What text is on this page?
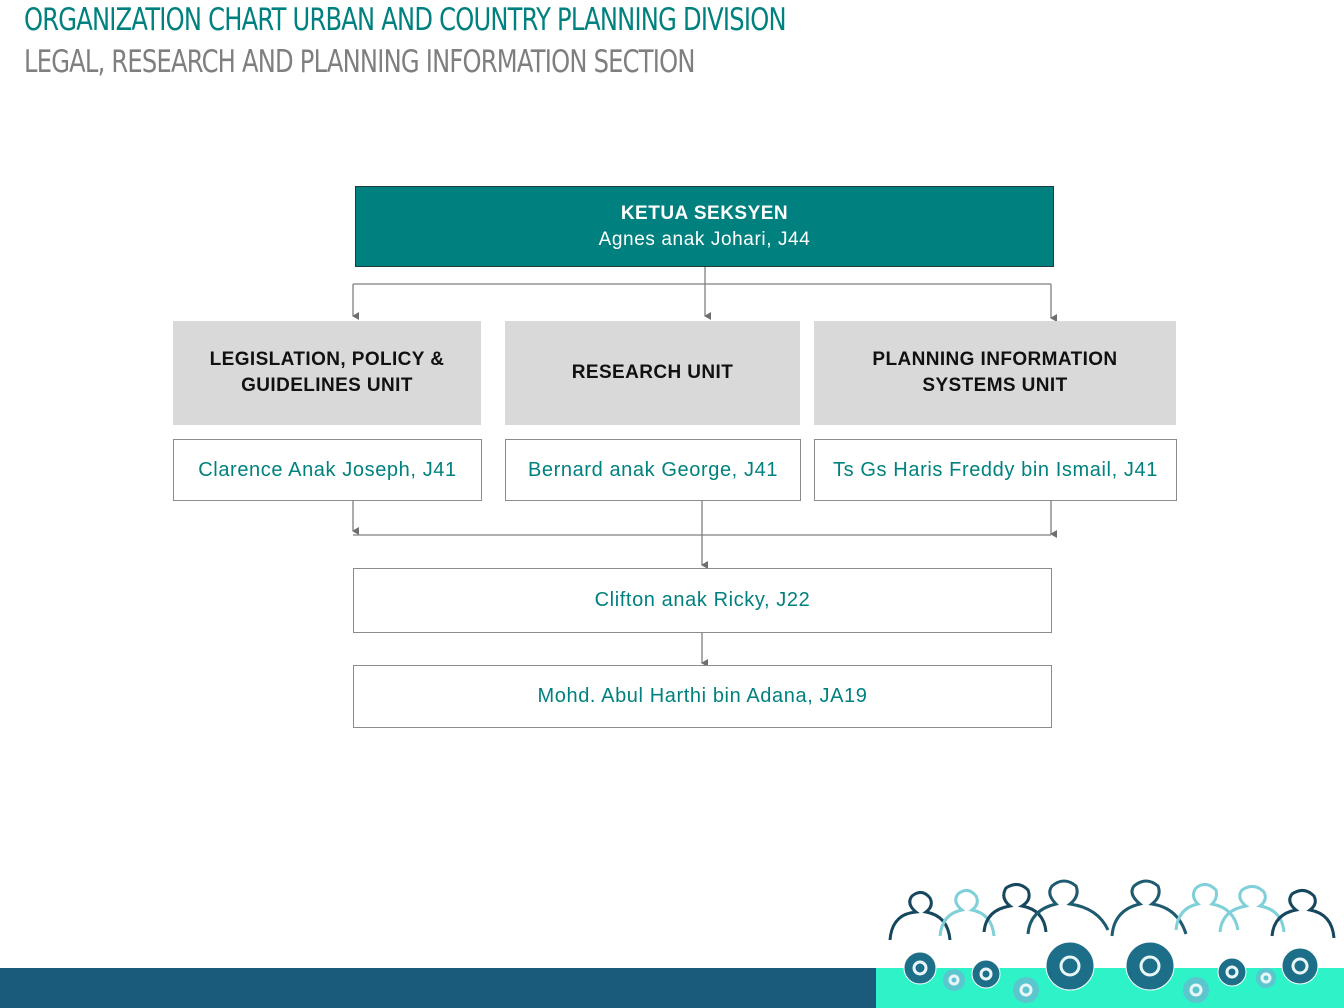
ORGANIZATION CHART URBAN AND COUNTRY PLANNING DIVISION
LEGAL, RESEARCH AND PLANNING INFORMATION SECTION
KETUA SEKSYEN
Agnes anak Johari, J44
LEGISLATION, POLICY &
GUIDELINES UNIT
RESEARCH UNIT
PLANNING INFORMATION
SYSTEMS UNIT
Clarence Anak Joseph, J41	Bernard anak George, J41	Ts Gs Haris Freddy bin Ismail, J41
Clifton anak Ricky, J22
Mohd. Abul Harthi bin Adana, JA19
